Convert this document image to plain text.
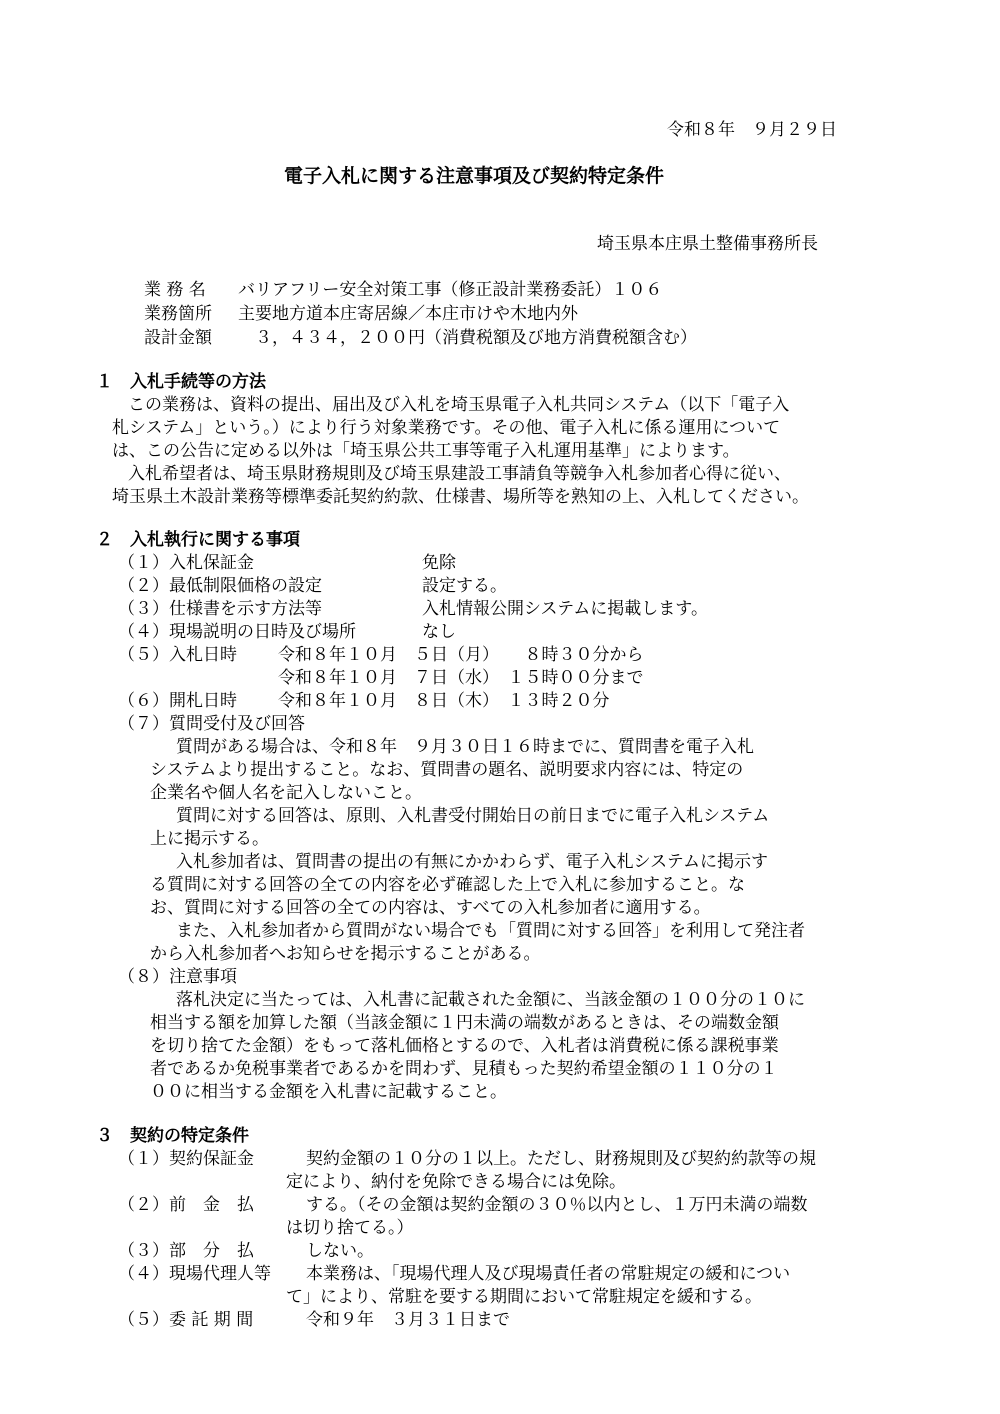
令和８年　９月２９日
電子入札に関する注意事項及び契約特定条件
埼玉県本庄県土整備事務所長
業 務 名 バリアフリー安全対策工事（修正設計業務委託）１０６
業務箇所 主要地方道本庄寄居線／本庄市けや木地内外
設計金額 　３，４３４，２００円（消費税額及び地方消費税額含む）
１　入札手続等の方法
この業務は、資料の提出、届出及び入札を埼玉県電子入札共同システム（以下「電子入
札システム」という。）により行う対象業務です。その他、電子入札に係る運用について
は、この公告に定める以外は「埼玉県公共工事等電子入札運用基準」によります。
入札希望者は、埼玉県財務規則及び埼玉県建設工事請負等競争入札参加者心得に従い、
埼玉県土木設計業務等標準委託契約約款、仕様書、場所等を熟知の上、入札してください。
２　入札執行に関する事項
（１）入札保証金	免除
（２）最低制限価格の設定	設定する。
（３）仕様書を示す方法等	入札情報公開システムに掲載します。
（４）現場説明の日時及び場所	なし
（５）入札日時 令和８年１０月　５日（月）　　８時３０分から
令和８年１０月　７日（水）　１５時００分まで
（６）開札日時 令和８年１０月　８日（木）　１３時２０分
（７）質問受付及び回答
質問がある場合は、令和８年　９月３０日１６時までに、質問書を電子入札
システムより提出すること。なお、質問書の題名、説明要求内容には、特定の
企業名や個人名を記入しないこと。
質問に対する回答は、原則、入札書受付開始日の前日までに電子入札システム
上に掲示する。
入札参加者は、質問書の提出の有無にかかわらず、電子入札システムに掲示す
る質問に対する回答の全ての内容を必ず確認した上で入札に参加すること。な
お、質問に対する回答の全ての内容は、すべての入札参加者に適用する。
また、入札参加者から質問がない場合でも「質問に対する回答」を利用して発注者
から入札参加者へお知らせを掲示することがある。
（８）注意事項
落札決定に当たっては、入札書に記載された金額に、当該金額の１００分の１０に
相当する額を加算した額（当該金額に１円未満の端数があるときは、その端数金額
を切り捨てた金額）をもって落札価格とするので、入札者は消費税に係る課税事業
者であるか免税事業者であるかを問わず、見積もった契約希望金額の１１０分の１
００に相当する金額を入札書に記載すること。
３　契約の特定条件
（１）契約保証金	契約金額の１０分の１以上。ただし、財務規則及び契約約款等の規
定により、納付を免除できる場合には免除。
（２）前　金　払	する。（その金額は契約金額の３０％以内とし、１万円未満の端数
は切り捨てる。）
（３）部　分　払	しない。
（４）現場代理人等 本業務は、「現場代理人及び現場責任者の常駐規定の緩和につい
て」により、常駐を要する期間において常駐規定を緩和する。
（５）委 託 期 間	令和９年　３月３１日まで
